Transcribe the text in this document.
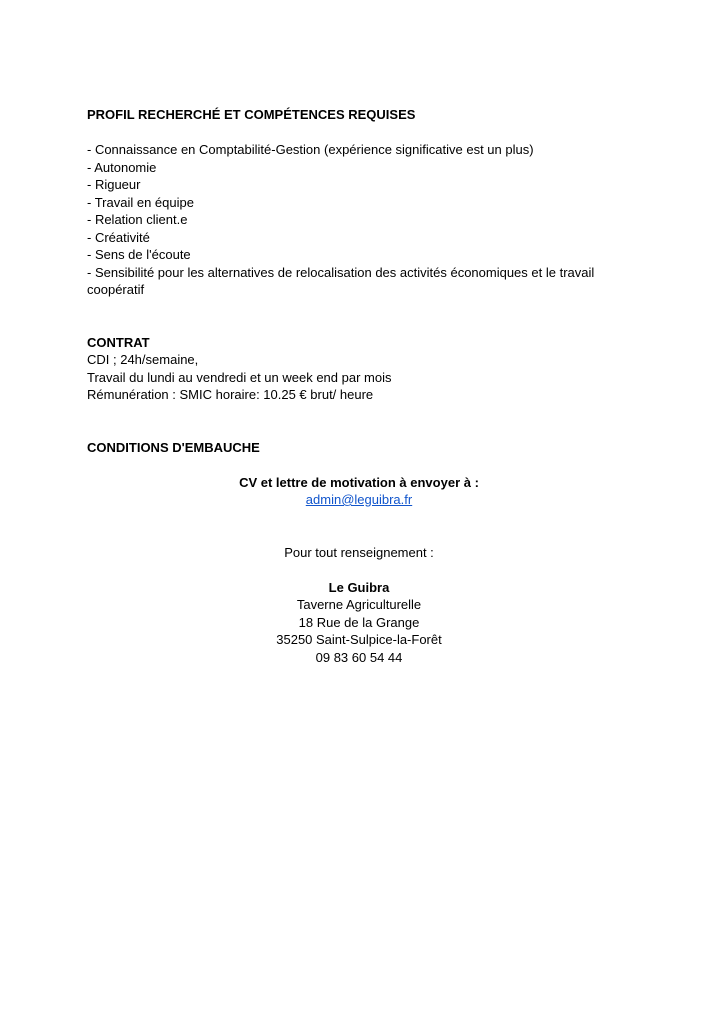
PROFIL RECHERCHÉ ET COMPÉTENCES REQUISES

- Connaissance en Comptabilité-Gestion (expérience significative est un plus)

- Autonomie

- Rigueur

- Travail en équipe

- Relation client.e

- Créativité

- Sens de l'écoute

- Sensibilité pour les alternatives de relocalisation des activités économiques et le travail coopératif

CONTRAT

CDI ; 24h/semaine,

Travail du lundi au vendredi et un week end par mois

Rémunération : SMIC horaire: 10.25 € brut/ heure

CONDITIONS D'EMBAUCHE

CV et lettre de motivation à envoyer à :

admin@leguibra.fr

Pour tout renseignement :

Le Guibra

Taverne Agriculturelle

18 Rue de la Grange

35250 Saint-Sulpice-la-Forêt

09 83 60 54 44
